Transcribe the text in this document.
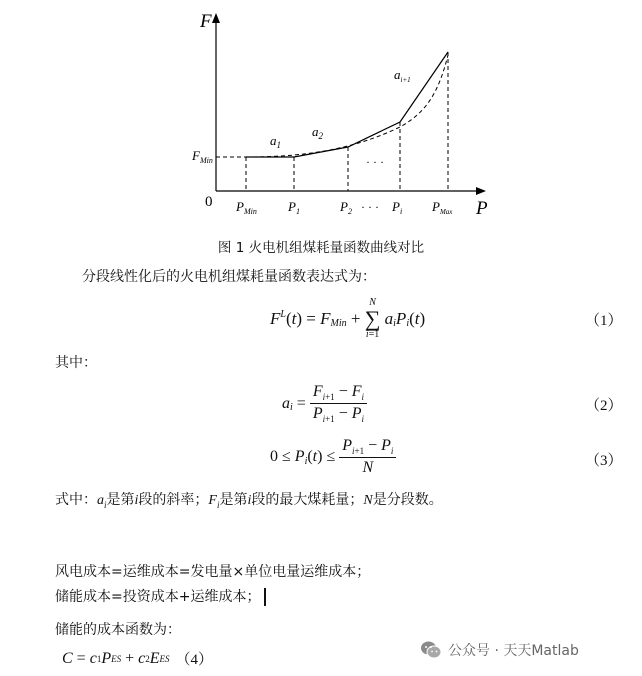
F
P
0
$F_{Min}$
$a_1$
$a_2$
$a_{i+1}$
· · ·
· · ·
$P_{Min}$ $P_1$	$P_2$	$P_i$ $P_{Max}$
图 1 火电机组煤耗量函数曲线对比
分段线性化后的火电机组煤耗量函数表达式为：
$F^L$ ( t ) = $F_{Min}$ +
N
∑
i=1

$a_i$ $P_i$ ( t )	（1）
其中：
$a_i = \frac{F_{i+1} - F_i}{P_{i+1} - P_i}$	（2）
$0 \le P_i$ ( t ) ≤ $\frac{P_{i+1} - P_i}{N}$	（3）
式中：$a_i$是第i段的斜率；$F_i$是第i段的最大煤耗量；N是分段数。
风电成本=运维成本=发电量×单位电量运维成本；
储能成本=投资成本+运维成本；
储能的成本函数为：
C = c 1 P ES + c 2 E ES （4）
公众号 · 天天Matlab
